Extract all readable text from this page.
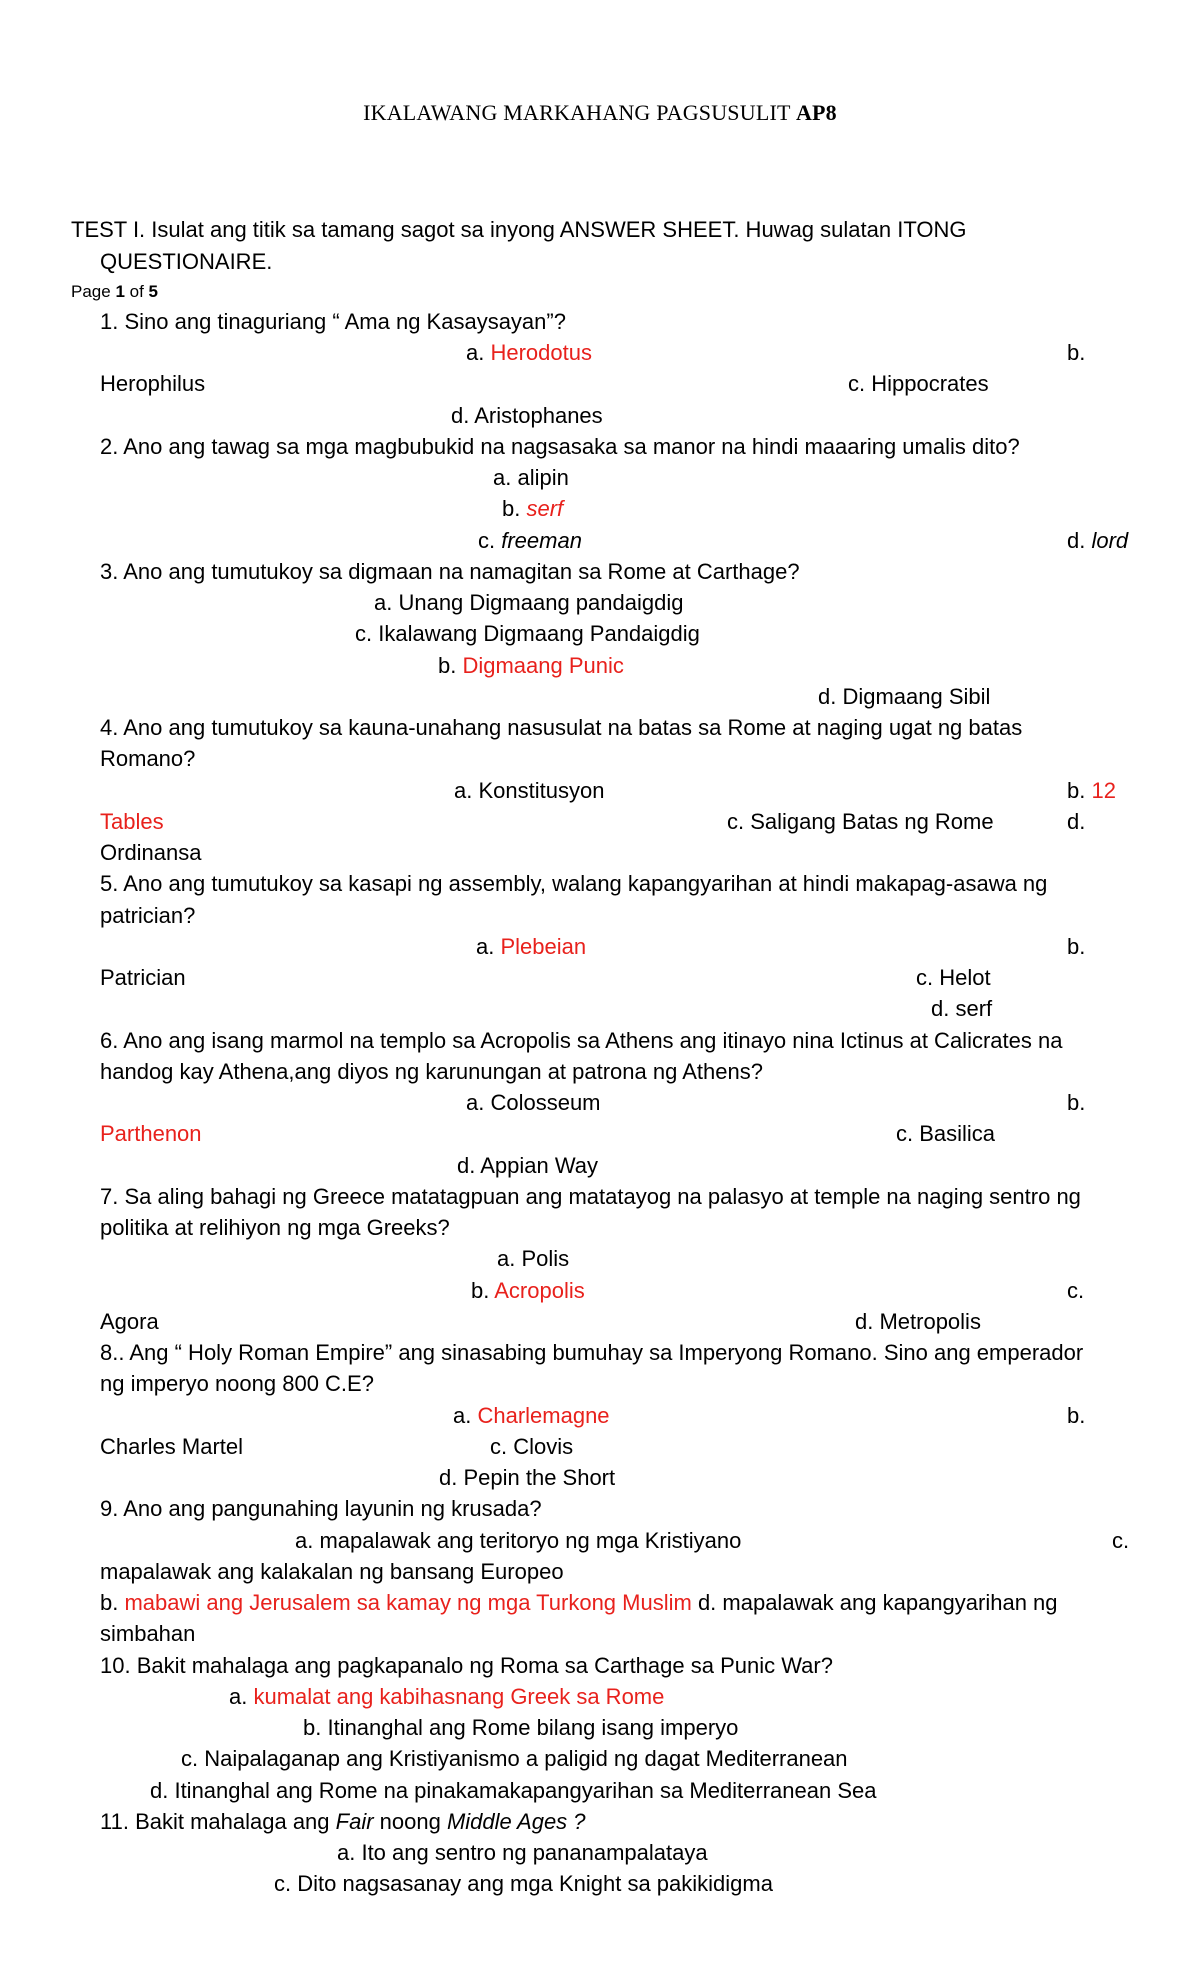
IKALAWANG MARKAHANG PAGSUSULIT AP8
TEST I. Isulat ang titik sa tamang sagot sa inyong ANSWER SHEET. Huwag sulatan ITONG
QUESTIONAIRE.
Page 1 of 5
1. Sino ang tinaguriang “ Ama ng Kasaysayan”?
a. Herodotus	b.
Herophilus	c. Hippocrates
d. Aristophanes
2. Ano ang tawag sa mga magbubukid na nagsasaka sa manor na hindi maaaring umalis dito?
a. alipin
b. serf
c. freeman	d. lord
3. Ano ang tumutukoy sa digmaan na namagitan sa Rome at Carthage?
a. Unang Digmaang pandaigdig
c. Ikalawang Digmaang Pandaigdig
b. Digmaang Punic
d. Digmaang Sibil
4. Ano ang tumutukoy sa kauna-unahang nasusulat na batas sa Rome at naging ugat ng batas
Romano?
a. Konstitusyon	b. 12
Tables	c. Saligang Batas ng Rome	d.
Ordinansa
5. Ano ang tumutukoy sa kasapi ng assembly, walang kapangyarihan at hindi makapag-asawa ng
patrician?
a. Plebeian	b.
Patrician	c. Helot
d. serf
6. Ano ang isang marmol na templo sa Acropolis sa Athens ang itinayo nina Ictinus at Calicrates na
handog kay Athena,ang diyos ng karunungan at patrona ng Athens?
a. Colosseum	b.
Parthenon	c. Basilica
d. Appian Way
7. Sa aling bahagi ng Greece matatagpuan ang matatayog na palasyo at temple na naging sentro ng
politika at relihiyon ng mga Greeks?
a. Polis
b. Acropolis	c.
Agora	d. Metropolis
8.. Ang “ Holy Roman Empire” ang sinasabing bumuhay sa Imperyong Romano. Sino ang emperador
ng imperyo noong 800 C.E?
a. Charlemagne	b.
Charles Martel	c. Clovis
d. Pepin the Short
9. Ano ang pangunahing layunin ng krusada?
a. mapalawak ang teritoryo ng mga Kristiyano	c.
mapalawak ang kalakalan ng bansang Europeo
b. mabawi ang Jerusalem sa kamay ng mga Turkong Muslim d. mapalawak ang kapangyarihan ng
simbahan
10. Bakit mahalaga ang pagkapanalo ng Roma sa Carthage sa Punic War?
a. kumalat ang kabihasnang Greek sa Rome
b. Itinanghal ang Rome bilang isang imperyo
c. Naipalaganap ang Kristiyanismo a paligid ng dagat Mediterranean
d. Itinanghal ang Rome na pinakamakapangyarihan sa Mediterranean Sea
11. Bakit mahalaga ang Fair noong Middle Ages ?
a. Ito ang sentro ng pananampalataya
c. Dito nagsasanay ang mga Knight sa pakikidigma
